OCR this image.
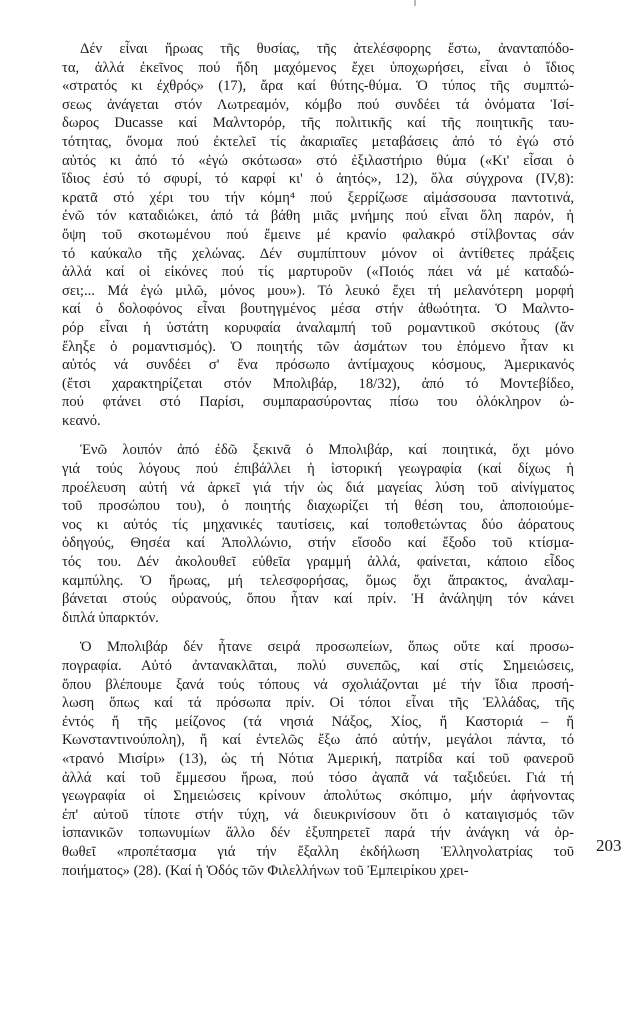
Δέν εἶναι ἥρωας τῆς θυσίας, τῆς ἀτελέσφορης ἔστω, ἀνανταπόδο-
τα, ἀλλά ἐκεῖνος πού ἤδη μαχόμενος ἔχει ὑποχωρήσει, εἶναι ὁ ἴδιος
«στρατός κι ἐχθρός» (17), ἄρα καί θύτης-θύμα. Ὁ τύπος τῆς συμπτώ-
σεως ἀνάγεται στόν Λωτρεαμόν, κόμβο πού συνδέει τά ὀνόματα Ἰσί-
δωρος Ducasse καί Μαλντορόρ, τῆς πολιτικῆς καί τῆς ποιητικῆς ταυ-
τότητας, ὄνομα πού ἐκτελεῖ τίς ἀκαριαῖες μεταβάσεις ἀπό τό ἐγώ στό
αὐτός κι ἀπό τό «ἐγώ σκότωσα» στό ἐξιλαστήριο θύμα («Κι' εἶσαι ὁ
ἴδιος ἐσύ τό σφυρί, τό καρφί κι' ὁ ἀητός», 12), ὅλα σύγχρονα (IV,8):
κρατᾶ στό χέρι του τήν κόμη⁴ πού ξερρίζωσε αἱμάσσουσα παντοτινά,
ἐνῶ τόν καταδιώκει, ἀπό τά βάθη μιᾶς μνήμης πού εἶναι ὅλη παρόν, ἡ
ὄψη τοῦ σκοτωμένου πού ἔμεινε μέ κρανίο φαλακρό στίλβοντας σάν
τό καύκαλο τῆς χελώνας. Δέν συμπίπτουν μόνον οἱ ἀντίθετες πράξεις
ἀλλά καί οἱ εἰκόνες πού τίς μαρτυροῦν («Ποιός πάει νά μέ καταδώ-
σει;... Μά ἐγώ μιλῶ, μόνος μου»). Τό λευκό ἔχει τή μελανότερη μορφή
καί ὁ δολοφόνος εἶναι βουτηγμένος μέσα στήν ἀθωότητα. Ὁ Μαλντο-
ρόρ εἶναι ἡ ὑστάτη κορυφαία ἀναλαμπή τοῦ ρομαντικοῦ σκότους (ἄν
ἔληξε ὁ ρομαντισμός). Ὁ ποιητής τῶν ἀσμάτων του ἑπόμενο ἦταν κι
αὐτός νά συνδέει σ' ἕνα πρόσωπο ἀντίμαχους κόσμους, Ἀμερικανός
(ἔτσι χαρακτηρίζεται στόν Μπολιβάρ, 18/32), ἀπό τό Μοντεβίδεο,
πού φτάνει στό Παρίσι, συμπαρασύροντας πίσω του ὁλόκληρον ὠ-
κεανό.

Ἐνῶ λοιπόν ἀπό ἐδῶ ξεκινᾶ ὁ Μπολιβάρ, καί ποιητικά, ὄχι μόνο
γιά τούς λόγους πού ἐπιβάλλει ἡ ἱστορική γεωγραφία (καί δίχως ἡ
προέλευση αὐτή νά ἀρκεῖ γιά τήν ὡς διά μαγείας λύση τοῦ αἰνίγματος
τοῦ προσώπου του), ὁ ποιητής διαχωρίζει τή θέση του, ἀποποιούμε-
νος κι αὐτός τίς μηχανικές ταυτίσεις, καί τοποθετώντας δύο ἀόρατους
ὁδηγούς, Θησέα καί Ἀπολλώνιο, στήν εἴσοδο καί ἔξοδο τοῦ κτίσμα-
τός του. Δέν ἀκολουθεῖ εὐθεῖα γραμμή ἀλλά, φαίνεται, κάποιο εἶδος
καμπύλης. Ὁ ἥρωας, μή τελεσφορήσας, ὅμως ὄχι ἄπρακτος, ἀναλαμ-
βάνεται στούς οὐρανούς, ὅπου ἦταν καί πρίν. Ἡ ἀνάληψη τόν κάνει
διπλά ὑπαρκτόν.

Ὁ Μπολιβάρ δέν ἦτανε σειρά προσωπείων, ὅπως οὔτε καί προσω-
πογραφία. Αὐτό ἀντανακλᾶται, πολύ συνεπῶς, καί στίς Σημειώσεις,
ὅπου βλέπουμε ξανά τούς τόπους νά σχολιάζονται μέ τήν ἴδια προσή-
λωση ὅπως καί τά πρόσωπα πρίν. Οἱ τόποι εἶναι τῆς Ἑλλάδας, τῆς
ἐντός ἤ τῆς μείζονος (τά νησιά Νάξος, Χίος, ἤ Καστοριά – ἤ
Κωνσταντινούπολη), ἤ καί ἐντελῶς ἔξω ἀπό αὐτήν, μεγάλοι πάντα, τό
«τρανό Μισίρι» (13), ὡς τή Νότια Ἀμερική, πατρίδα καί τοῦ φανεροῦ
ἀλλά καί τοῦ ἔμμεσου ἥρωα, πού τόσο ἀγαπᾶ νά ταξιδεύει. Γιά τή
γεωγραφία οἱ Σημειώσεις κρίνουν ἀπολύτως σκόπιμο, μήν ἀφήνοντας
ἐπ' αὐτοῦ τίποτε στήν τύχη, νά διευκρινίσουν ὅτι ὁ καταιγισμός τῶν
ἰσπανικῶν τοπωνυμίων ἄλλο δέν ἐξυπηρετεῖ παρά τήν ἀνάγκη νά ὀρ-
θωθεῖ «προπέτασμα γιά τήν ἔξαλλη ἐκδήλωση Ἑλληνολατρίας τοῦ
ποιήματος» (28). (Καί ἡ Ὁδός τῶν Φιλελλήνων τοῦ Ἐμπειρίκου χρει-

203
